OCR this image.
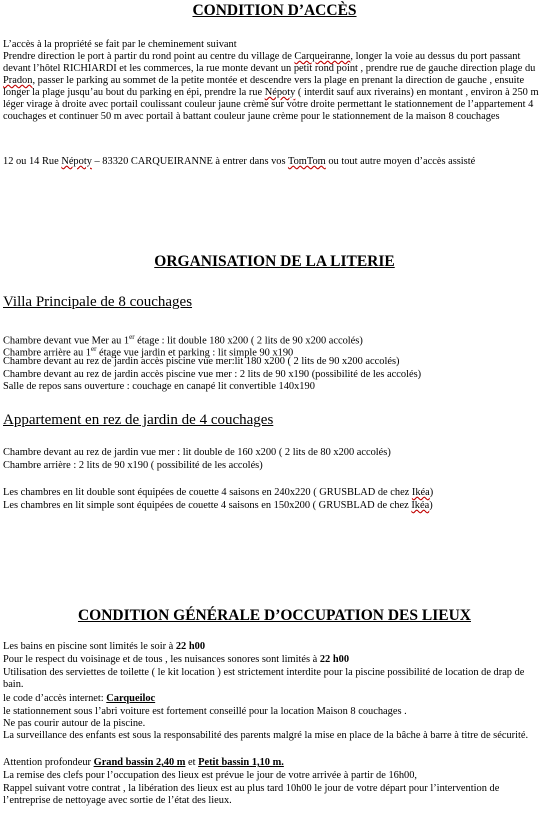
CONDITION D’ACCÈS
L’accès à la propriété se fait par le cheminement suivant
Prendre direction le port à partir du rond point au centre du village de Carqueiranne, longer la voie au dessus du port passant devant l’hôtel RICHIARDI et les commerces, la rue monte devant un petit rond point , prendre rue de gauche direction plage du Pradon, passer le parking au sommet de la petite montée et descendre vers la plage en prenant la direction de gauche , ensuite longer la plage jusqu’au bout du parking en épi, prendre la rue Népoty ( interdit sauf aux riverains) en montant , environ à 250 m léger virage à droite avec portail coulissant couleur jaune crème sur votre droite permettant le stationnement de l’appartement 4 couchages et continuer 50 m avec portail à battant couleur jaune crème pour le stationnement de la maison 8 couchages
12 ou 14 Rue Népoty – 83320 CARQUEIRANNE à entrer dans vos TomTom ou tout autre moyen d’accès assisté
ORGANISATION DE LA LITERIE
Villa Principale de 8 couchages
Chambre devant vue Mer au 1er étage : lit double 180 x200 ( 2 lits de 90 x200 accolés)
Chambre arrière au 1er étage vue jardin et parking : lit simple 90 x190
Chambre devant au rez de jardin accès piscine vue mer:lit 180 x200 ( 2 lits de 90 x200 accolés)
Chambre devant au rez de jardin accès piscine vue mer : 2 lits de 90 x190 (possibilité de les accolés)
Salle de repos sans ouverture : couchage en canapé lit convertible 140x190
Appartement en rez de jardin de 4 couchages
Chambre devant au rez de jardin vue mer : lit double de 160 x200 ( 2 lits de 80 x200 accolés)
Chambre arrière : 2 lits de 90 x190 ( possibilité de les accolés)
Les chambres en lit double sont équipées de couette 4 saisons en 240x220 ( GRUSBLAD de chez Ikéa)
Les chambres en lit simple sont équipées de couette 4 saisons en 150x200 ( GRUSBLAD de chez Ikéa)
CONDITION GÉNÉRALE D’OCCUPATION DES LIEUX
Les bains en piscine sont limités le soir à 22 h00
Pour le respect du voisinage et de tous , les nuisances sonores sont limités à 22 h00
Utilisation des serviettes de toilette ( le kit location ) est strictement interdite pour la piscine possibilité de location de drap de bain.
le code d’accès internet: Carqueiloc
le stationnement sous l’abri voiture est fortement conseillé pour la location Maison 8 couchages .
Ne pas courir autour de la piscine.
La surveillance des enfants est sous la responsabilité des parents malgré la mise en place de la bâche à barre à titre de sécurité.
Attention profondeur Grand bassin 2,40 m et Petit bassin 1,10 m.
La remise des clefs pour l’occupation des lieux est prévue le jour de votre arrivée à partir de 16h00,
Rappel suivant votre contrat , la libération des lieux est au plus tard 10h00 le jour de votre départ pour l’intervention de l’entreprise de nettoyage avec sortie de l’état des lieux.
